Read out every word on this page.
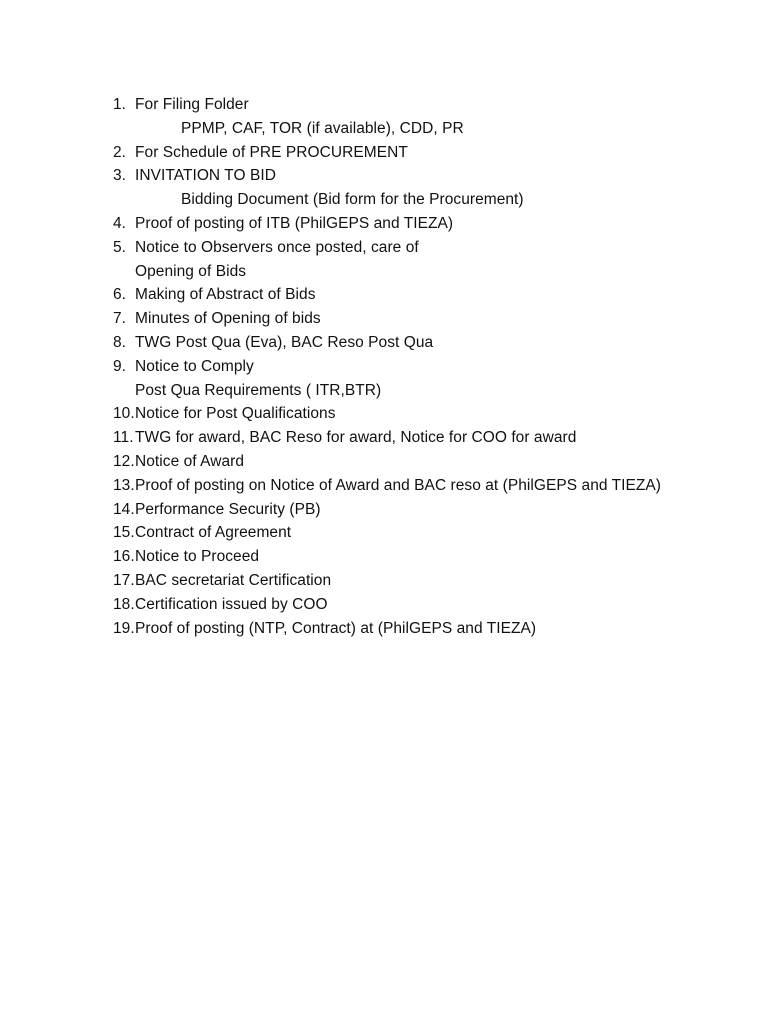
1. For Filing Folder
PPMP, CAF, TOR (if available), CDD, PR
2. For Schedule of PRE PROCUREMENT
3. INVITATION TO BID
Bidding Document (Bid form for the Procurement)
4. Proof of posting of ITB (PhilGEPS and TIEZA)
5. Notice to Observers once posted, care of
Opening of Bids
6. Making of Abstract of Bids
7. Minutes of Opening of bids
8. TWG Post Qua (Eva), BAC Reso Post Qua
9. Notice to Comply
Post Qua Requirements ( ITR,BTR)
10.Notice for Post Qualifications
11.TWG for award, BAC Reso for award, Notice for COO for award
12.Notice of Award
13.Proof of posting on Notice of Award and BAC reso at (PhilGEPS and TIEZA)
14.Performance Security (PB)
15.Contract of Agreement
16.Notice to Proceed
17.BAC secretariat Certification
18.Certification issued by COO
19.Proof of posting (NTP, Contract) at (PhilGEPS and TIEZA)
